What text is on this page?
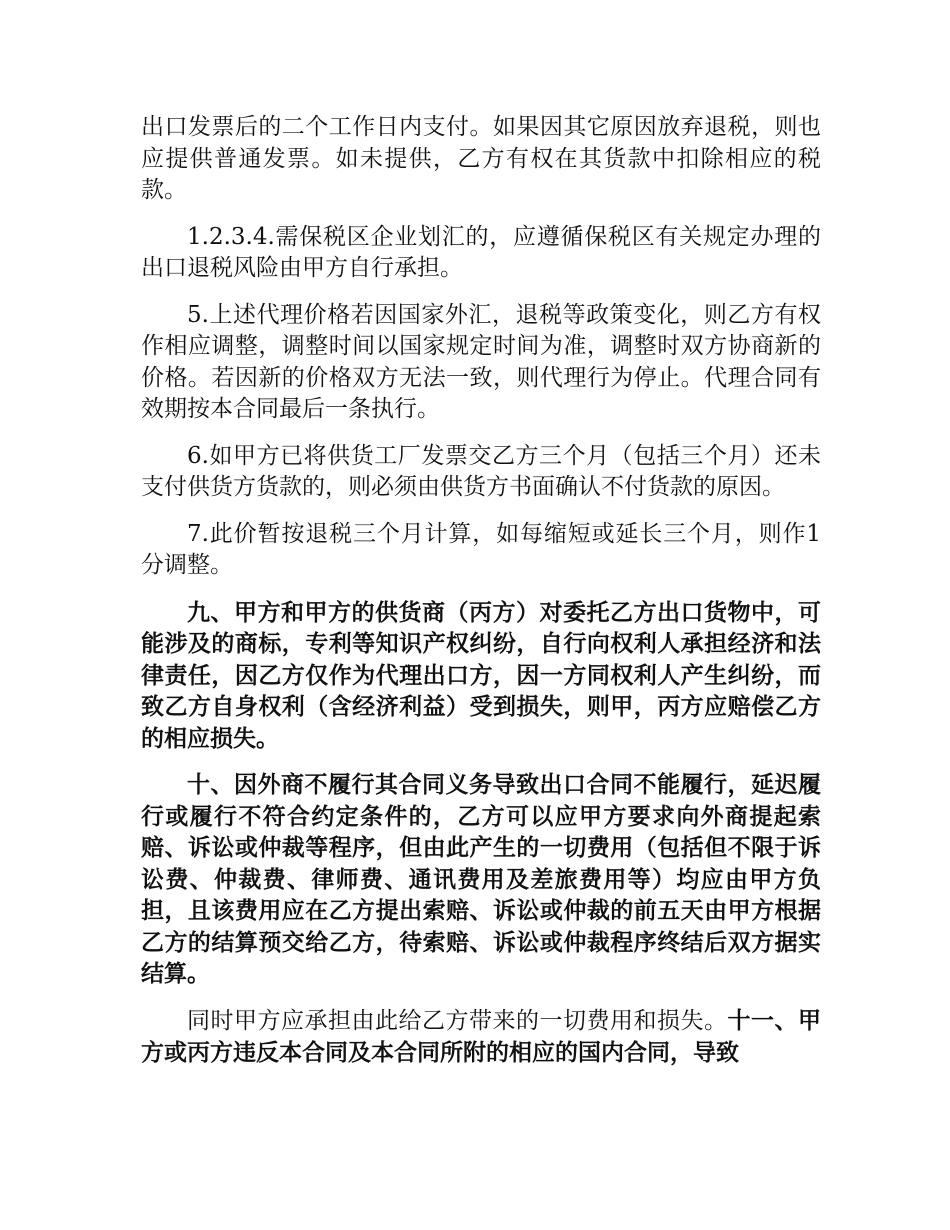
出口发票后的二个工作日内支付。如果因其它原因放弃退税，则也应提供普通发票。如未提供，乙方有权在其货款中扣除相应的税款。

1.2.3.4.需保税区企业划汇的，应遵循保税区有关规定办理的出口退税风险由甲方自行承担。

5.上述代理价格若因国家外汇，退税等政策变化，则乙方有权作相应调整，调整时间以国家规定时间为准，调整时双方协商新的价格。若因新的价格双方无法一致，则代理行为停止。代理合同有效期按本合同最后一条执行。

6.如甲方已将供货工厂发票交乙方三个月（包括三个月）还未支付供货方货款的，则必须由供货方书面确认不付货款的原因。

7.此价暂按退税三个月计算，如每缩短或延长三个月，则作1分调整。

九、甲方和甲方的供货商（丙方）对委托乙方出口货物中，可能涉及的商标，专利等知识产权纠纷，自行向权利人承担经济和法律责任，因乙方仅作为代理出口方，因一方同权利人产生纠纷，而致乙方自身权利（含经济利益）受到损失，则甲，丙方应赔偿乙方的相应损失。

十、因外商不履行其合同义务导致出口合同不能履行，延迟履行或履行不符合约定条件的，乙方可以应甲方要求向外商提起索赔、诉讼或仲裁等程序，但由此产生的一切费用（包括但不限于诉讼费、仲裁费、律师费、通讯费用及差旅费用等）均应由甲方负担，且该费用应在乙方提出索赔、诉讼或仲裁的前五天由甲方根据乙方的结算预交给乙方，待索赔、诉讼或仲裁程序终结后双方据实结算。

同时甲方应承担由此给乙方带来的一切费用和损失。十一、甲方或丙方违反本合同及本合同所附的相应的国内合同，导致
